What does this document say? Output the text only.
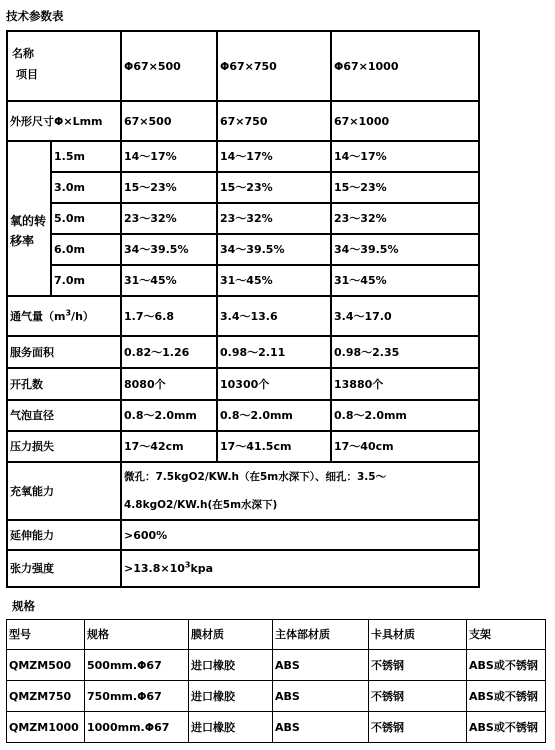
技术参数表
名称
项目		Φ67×500	Φ67×750	Φ67×1000
外形尺寸Φ×Lmm		67×500	67×750	67×1000
氧的转移率	1.5m	14～17%	14～17%	14～17%
	3.0m	15～23%	15～23%	15～23%
	5.0m	23～32%	23～32%	23～32%
	6.0m	34～39.5%	34～39.5%	34～39.5%
	7.0m	31～45%	31～45%	31～45%
通气量$(m^3/h)$		1.7～6.8	3.4～13.6	3.4～17.0
服务面积		0.82～1.26	0.98～2.11	0.98～2.35
开孔数		8080个	10300个	13880个
气泡直径		0.8～2.0mm	0.8～2.0mm	0.8～2.0mm
压力损失		17～42cm	17～41.5cm	17～40cm
充氧能力		微孔：7.5kgO2/KW.h（在5m水深下）、细孔：3.5～
4.8kgO2/KW.h(在5m水深下)		

延伸能力		>600%		
张力强度		$>13.8\times 10^3kpa$		
规格
型号	规格	膜材质	主体部材质	卡具材质	支架
QMZM500	500mm.Φ67	进口橡胶	ABS	不锈钢	ABS或不锈钢
QMZM750	750mm.Φ67	进口橡胶	ABS	不锈钢	ABS或不锈钢
QMZM1000	1000mm.Φ67	进口橡胶	ABS	不锈钢	ABS或不锈钢
